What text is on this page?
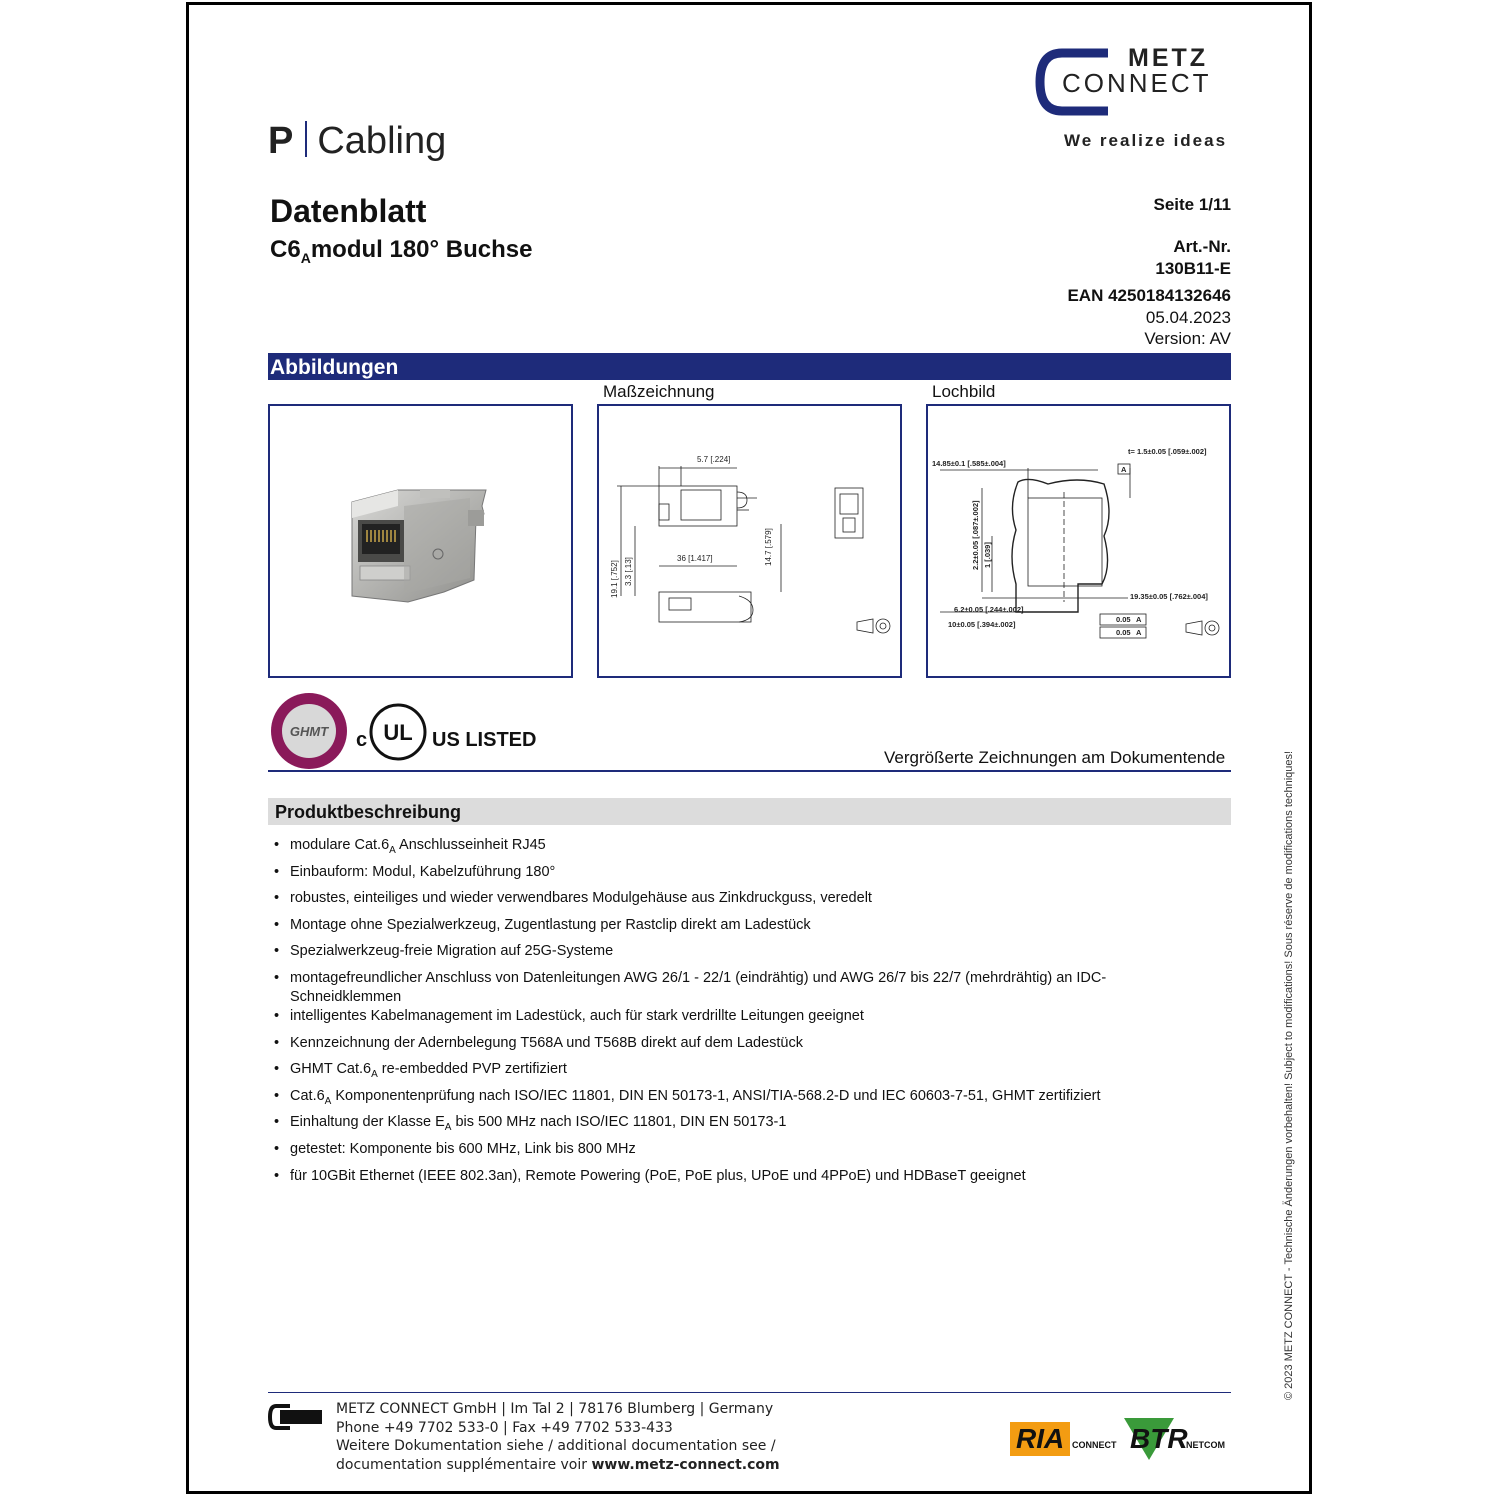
METZ
CONNECT
We realize ideas
P Cabling
Datenblatt
$C6_Amodul$ 180° Buchse
Seite 1/11
Art.-Nr.
130B11-E
EAN 4250184132646
05.04.2023
Version: AV
Abbildungen
Maßzeichnung	Lochbild
5.7 [.224]
36 [1.417]	14.7 [.579]
19.1 [.752] 3.3 [.13]
14.85±0.1 [.585±.004]
t= 1.5±0.05 [.059±.002]
2.2±0.05 [.087±.002] 1 [.039]
19.35±0.05 [.762±.004]
6.2±0.05 [.244±.002]
10±0.05 [.394±.002]
0.05 A
0.05 A
A
GHMT c UL US LISTED
Vergrößerte Zeichnungen am Dokumentende
Produktbeschreibung
• modulare $Cat.6_A$ Anschlusseinheit RJ45
• Einbauform: Modul, Kabelzuführung 180°
• robustes, einteiliges und wieder verwendbares Modulgehäuse aus Zinkdruckguss, veredelt
• Montage ohne Spezialwerkzeug, Zugentlastung per Rastclip direkt am Ladestück
• Spezialwerkzeug-freie Migration auf 25G-Systeme
• montagefreundlicher Anschluss von Datenleitungen AWG 26/1 - 22/1 (eindrähtig) und AWG 26/7 bis 22/7 (mehrdrähtig) an IDC-Schneidklemmen
• intelligentes Kabelmanagement im Ladestück, auch für stark verdrillte Leitungen geeignet
• Kennzeichnung der Adernbelegung T568A und T568B direkt auf dem Ladestück
• GHMT $Cat.6_A$ re-embedded PVP zertifiziert
• $Cat.6_A$ Komponentenprüfung nach ISO/IEC 11801, DIN EN 50173-1, ANSI/TIA-568.2-D und IEC 60603-7-51, GHMT zertifiziert
• Einhaltung der Klasse $E_A$ bis 500 MHz nach ISO/IEC 11801, DIN EN 50173-1
• getestet: Komponente bis 600 MHz, Link bis 800 MHz
• für 10GBit Ethernet (IEEE 802.3an), Remote Powering (PoE, PoE plus, UPoE und 4PPoE) und HDBaseT geeignet	© 2023 METZ CONNECT - Technische Änderungen vorbehalten! Subject to modifications! Sous réserve de modifications techniques!
METZ CONNECT GmbH | Im Tal 2 | 78176 Blumberg | Germany
Phone +49 7702 533-0 | Fax +49 7702 533-433
Weitere Dokumentation siehe / additional documentation see /
documentation supplémentaire voir www.metz-connect.com
RIA CONNECT BTR
NETCOM
